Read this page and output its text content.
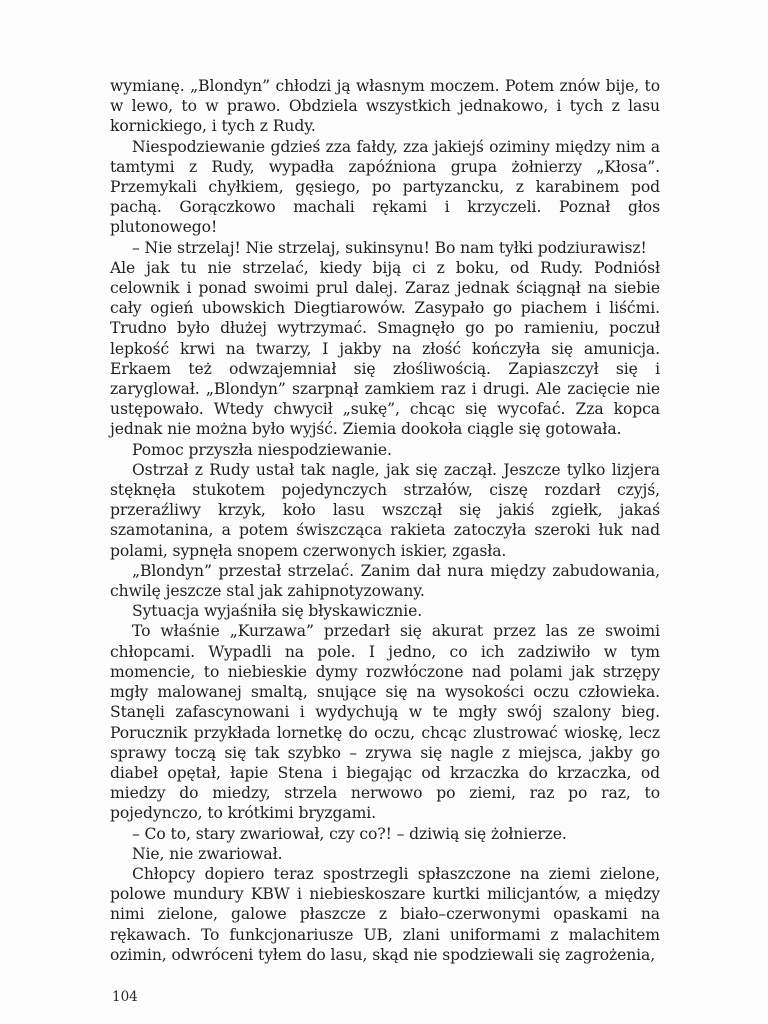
wymianę. „Blondyn” chłodzi ją własnym moczem. Potem znów bije, to w lewo, to w prawo. Obdziela wszystkich jednakowo, i tych z lasu kornickiego, i tych z Rudy.

Niespodziewanie gdzieś zza fałdy, zza jakiejś oziminy między nim a tamtymi z Rudy, wypadła zapóźniona grupa żołnierzy „Kłosa”. Przemykali chyłkiem, gęsiego, po partyzancku, z karabinem pod pachą. Gorączkowo machali rękami i krzyczeli. Poznał głos plutonowego!

– Nie strzelaj! Nie strzelaj, sukinsynu! Bo nam tyłki podziurawisz!

Ale jak tu nie strzelać, kiedy biją ci z boku, od Rudy. Podniósł celownik i ponad swoimi prul dalej. Zaraz jednak ściągnął na siebie cały ogień ubowskich Diegtiarowów. Zasypało go piachem i liśćmi. Trudno było dłużej wytrzymać. Smagnęło go po ramieniu, poczuł lepkość krwi na twarzy, I jakby na złość kończyła się amunicja. Erkaem też odwzajemniał się złośliwością. Zapiaszczył się i zaryglował. „Blondyn” szarpnął zamkiem raz i drugi. Ale zacięcie nie ustępowało. Wtedy chwycił „sukę”, chcąc się wycofać. Zza kopca jednak nie można było wyjść. Ziemia dookoła ciągle się gotowała.

Pomoc przyszła niespodziewanie.

Ostrzał z Rudy ustał tak nagle, jak się zaczął. Jeszcze tylko lizjera stęknęła stukotem pojedynczych strzałów, ciszę rozdarł czyjś, przeraźliwy krzyk, koło lasu wszczął się jakiś zgiełk, jakaś szamotanina, a potem świszcząca rakieta zatoczyła szeroki łuk nad polami, sypnęła snopem czerwonych iskier, zgasła.

„Blondyn” przestał strzelać. Zanim dał nura między zabudowania, chwilę jeszcze stal jak zahipnotyzowany.

Sytuacja wyjaśniła się błyskawicznie.

To właśnie „Kurzawa” przedarł się akurat przez las ze swoimi chłopcami. Wypadli na pole. I jedno, co ich zadziwiło w tym momencie, to niebieskie dymy rozwłóczone nad polami jak strzępy mgły malowanej smaltą, snujące się na wysokości oczu człowieka. Stanęli zafascynowani i wydychują w te mgły swój szalony bieg. Porucznik przykłada lornetkę do oczu, chcąc zlustrować wioskę, lecz sprawy toczą się tak szybko – zrywa się nagle z miejsca, jakby go diabeł opętał, łapie Stena i biegając od krzaczka do krzaczka, od miedzy do miedzy, strzela nerwowo po ziemi, raz po raz, to pojedynczo, to krótkimi bryzgami.

– Co to, stary zwariował, czy co?! – dziwią się żołnierze.

Nie, nie zwariował.

Chłopcy dopiero teraz spostrzegli spłaszczone na ziemi zielone, polowe mundury KBW i niebieskoszare kurtki milicjantów, a między nimi zielone, galowe płaszcze z biało–czerwonymi opaskami na rękawach. To funkcjonariusze UB, zlani uniformami z malachitem ozimin, odwróceni tyłem do lasu, skąd nie spodziewali się zagrożenia,

104
